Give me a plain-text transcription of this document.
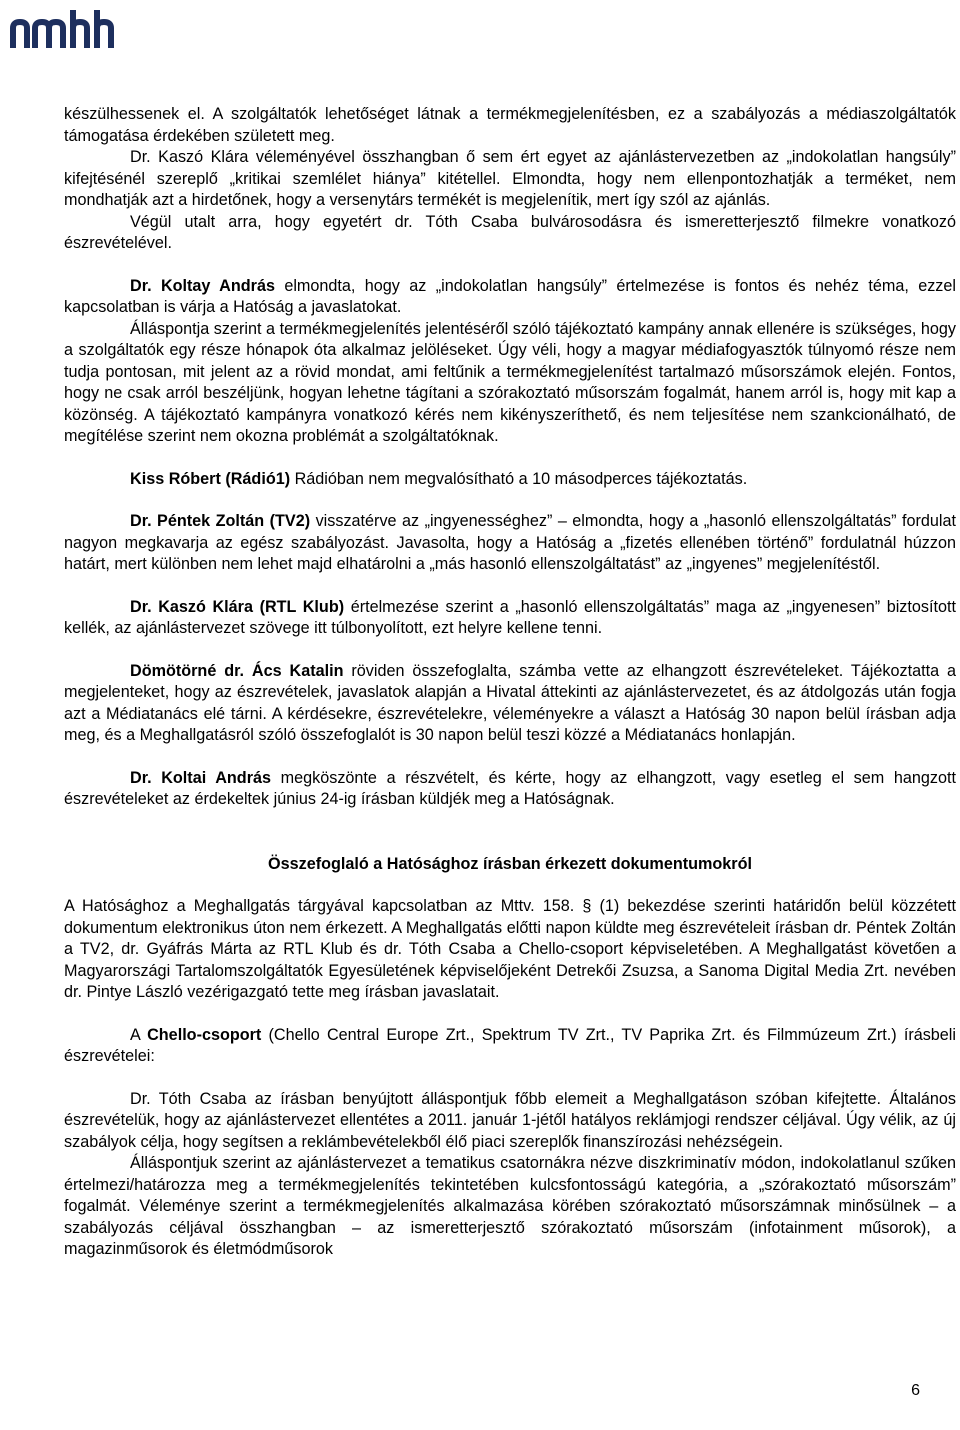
készülhessenek el. A szolgáltatók lehetőséget látnak a termékmegjelenítésben, ez a szabályozás a médiaszolgáltatók támogatása érdekében született meg.

Dr. Kaszó Klára véleményével összhangban ő sem ért egyet az ajánlástervezetben az „indokolatlan hangsúly” kifejtésénél szereplő „kritikai szemlélet hiánya” kitétellel. Elmondta, hogy nem ellenpontozhatják a terméket, nem mondhatják azt a hirdetőnek, hogy a versenytárs termékét is megjelenítik, mert így szól az ajánlás.

Végül utalt arra, hogy egyetért dr. Tóth Csaba bulvárosodásra és ismeretterjesztő filmekre vonatkozó észrevételével.

Dr. Koltay András elmondta, hogy az „indokolatlan hangsúly” értelmezése is fontos és nehéz téma, ezzel kapcsolatban is várja a Hatóság a javaslatokat.

Álláspontja szerint a termékmegjelenítés jelentéséről szóló tájékoztató kampány annak ellenére is szükséges, hogy a szolgáltatók egy része hónapok óta alkalmaz jelöléseket. Úgy véli, hogy a magyar médiafogyasztók túlnyomó része nem tudja pontosan, mit jelent az a rövid mondat, ami feltűnik a termékmegjelenítést tartalmazó műsorszámok elején. Fontos, hogy ne csak arról beszéljünk, hogyan lehetne tágítani a szórakoztató műsorszám fogalmát, hanem arról is, hogy mit kap a közönség. A tájékoztató kampányra vonatkozó kérés nem kikényszeríthető, és nem teljesítése nem szankcionálható, de megítélése szerint nem okozna problémát a szolgáltatóknak.

Kiss Róbert (Rádió1) Rádióban nem megvalósítható a 10 másodperces tájékoztatás.

Dr. Péntek Zoltán (TV2) visszatérve az „ingyenességhez” – elmondta, hogy a „hasonló ellenszolgáltatás” fordulat nagyon megkavarja az egész szabályozást. Javasolta, hogy a Hatóság a „fizetés ellenében történő” fordulatnál húzzon határt, mert különben nem lehet majd elhatárolni a „más hasonló ellenszolgáltatást” az „ingyenes” megjelenítéstől.

Dr. Kaszó Klára (RTL Klub) értelmezése szerint a „hasonló ellenszolgáltatás” maga az „ingyenesen” biztosított kellék, az ajánlástervezet szövege itt túlbonyolított, ezt helyre kellene tenni.

Dömötörné dr. Ács Katalin röviden összefoglalta, számba vette az elhangzott észrevételeket. Tájékoztatta a megjelenteket, hogy az észrevételek, javaslatok alapján a Hivatal áttekinti az ajánlástervezetet, és az átdolgozás után fogja azt a Médiatanács elé tárni. A kérdésekre, észrevételekre, véleményekre a választ a Hatóság 30 napon belül írásban adja meg, és a Meghallgatásról szóló összefoglalót is 30 napon belül teszi közzé a Médiatanács honlapján.

Dr. Koltai András megköszönte a részvételt, és kérte, hogy az elhangzott, vagy esetleg el sem hangzott észrevételeket az érdekeltek június 24-ig írásban küldjék meg a Hatóságnak.

Összefoglaló a Hatósághoz írásban érkezett dokumentumokról

A Hatósághoz a Meghallgatás tárgyával kapcsolatban az Mttv. 158. § (1) bekezdése szerinti határidőn belül közzétett dokumentum elektronikus úton nem érkezett. A Meghallgatás előtti napon küldte meg észrevételeit írásban dr. Péntek Zoltán a TV2, dr. Gyáfrás Márta az RTL Klub és dr. Tóth Csaba a Chello-csoport képviseletében. A Meghallgatást követően a Magyarországi Tartalomszolgáltatók Egyesületének képviselőjeként Detrekői Zsuzsa, a Sanoma Digital Media Zrt. nevében dr. Pintye László vezérigazgató tette meg írásban javaslatait.

A Chello-csoport (Chello Central Europe Zrt., Spektrum TV Zrt., TV Paprika Zrt. és Filmmúzeum Zrt.) írásbeli észrevételei:

Dr. Tóth Csaba az írásban benyújtott álláspontjuk főbb elemeit a Meghallgatáson szóban kifejtette. Általános észrevételük, hogy az ajánlástervezet ellentétes a 2011. január 1-jétől hatályos reklámjogi rendszer céljával. Úgy vélik, az új szabályok célja, hogy segítsen a reklámbevételekből élő piaci szereplők finanszírozási nehézségein.

Álláspontjuk szerint az ajánlástervezet a tematikus csatornákra nézve diszkriminatív módon, indokolatlanul szűken értelmezi/határozza meg a termékmegjelenítés tekintetében kulcsfontosságú kategória, a „szórakoztató műsorszám” fogalmát. Véleménye szerint a termékmegjelenítés alkalmazása körében szórakoztató műsorszámnak minősülnek – a szabályozás céljával összhangban – az ismeretterjesztő szórakoztató műsorszám (infotainment műsorok), a magazinműsorok és életmódműsorok

6
